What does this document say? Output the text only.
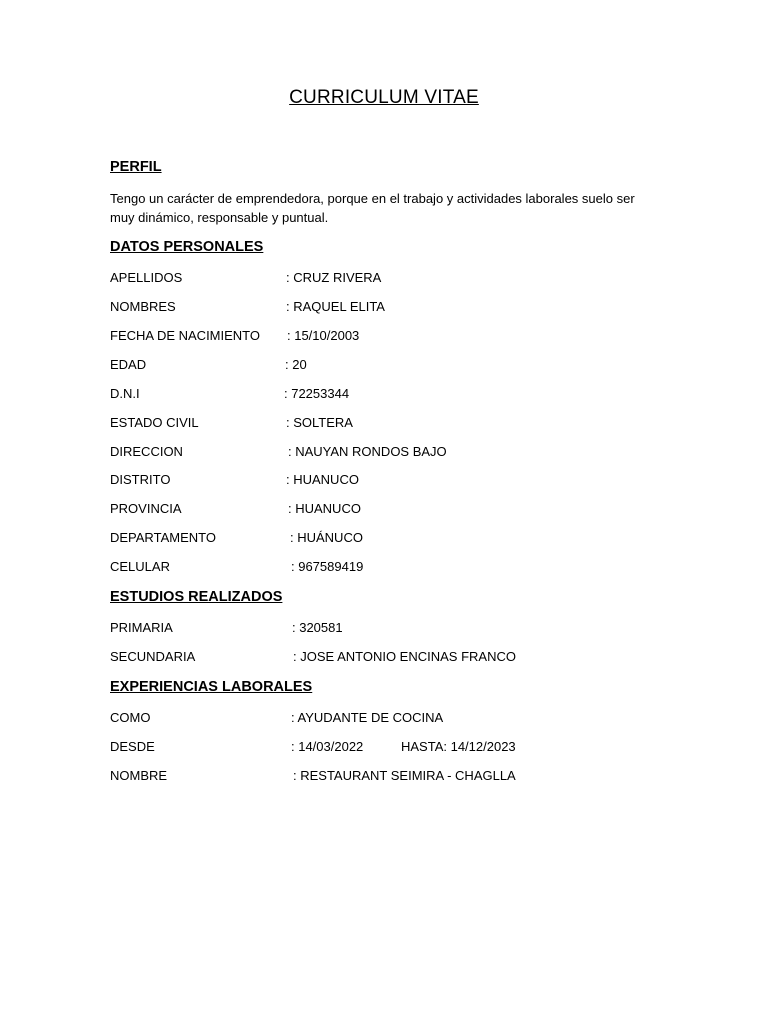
CURRICULUM VITAE
PERFIL
Tengo un carácter de emprendedora, porque en el trabajo y actividades laborales suelo ser muy dinámico, responsable y puntual.
DATOS PERSONALES
APELLIDOS	: CRUZ RIVERA
NOMBRES	: RAQUEL ELITA
FECHA DE NACIMIENTO : 15/10/2003
EDAD	: 20
D.N.I	: 72253344
ESTADO CIVIL	: SOLTERA
DIRECCION	: NAUYAN RONDOS BAJO
DISTRITO	: HUANUCO
PROVINCIA	: HUANUCO
DEPARTAMENTO	: HUÁNUCO
CELULAR	: 967589419
ESTUDIOS REALIZADOS
PRIMARIA	: 320581
SECUNDARIA	: JOSE ANTONIO ENCINAS FRANCO
EXPERIENCIAS LABORALES
COMO	: AYUDANTE DE COCINA
DESDE	: 14/03/2022	HASTA: 14/12/2023
NOMBRE	: RESTAURANT SEIMIRA - CHAGLLA
